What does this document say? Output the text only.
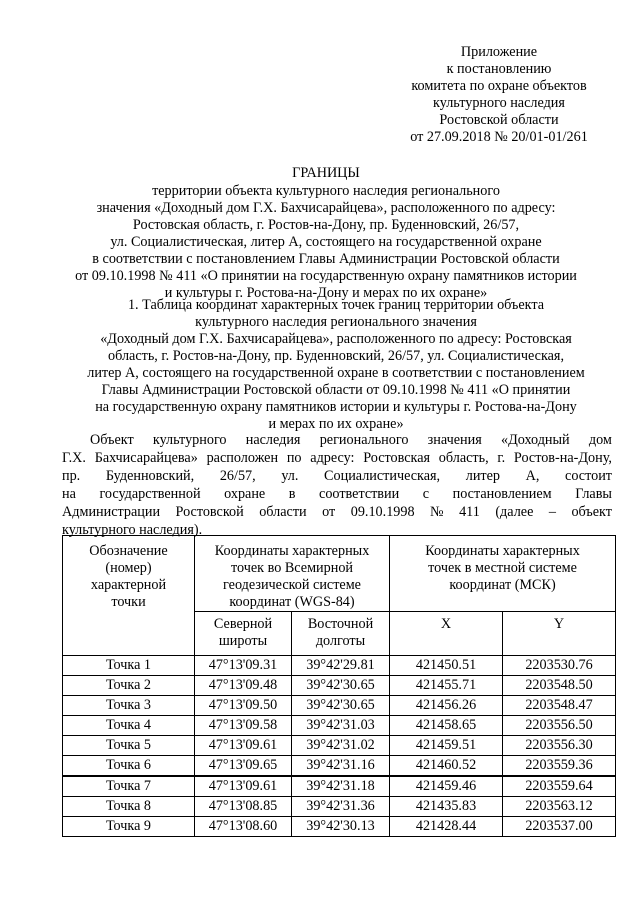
Приложение
к постановлению
комитета по охране объектов
культурного наследия
Ростовской области
от 27.09.2018 № 20/01-01/261
ГРАНИЦЫ
территории объекта культурного наследия регионального
значения «Доходный дом Г.Х. Бахчисарайцева», расположенного по адресу:
Ростовская область, г. Ростов-на-Дону, пр. Буденновский, 26/57,
ул. Социалистическая, литер А, состоящего на государственной охране
в соответствии с постановлением Главы Администрации Ростовской области
от 09.10.1998 № 411 «О принятии на государственную охрану памятников истории
и культуры г. Ростова-на-Дону и мерах по их охране»
1. Таблица координат характерных точек границ территории объекта
культурного наследия регионального значения
«Доходный дом Г.Х. Бахчисарайцева», расположенного по адресу: Ростовская
область, г. Ростов-на-Дону, пр. Буденновский, 26/57, ул. Социалистическая,
литер А, состоящего на государственной охране в соответствии с постановлением
Главы Администрации Ростовской области от 09.10.1998 № 411 «О принятии
на государственную охрану памятников истории и культуры г. Ростова-на-Дону
и мерах по их охране»
Объект культурного наследия регионального значения «Доходный дом
Г.Х. Бахчисарайцева» расположен по адресу: Ростовская область, г. Ростов-на-Дону,
пр. Буденновский, 26/57, ул. Социалистическая, литер А, состоит
на государственной охране в соответствии с постановлением Главы
Администрации Ростовской области от 09.10.1998 № 411 (далее – объект
культурного наследия).
Обозначение
(номер)
характерной
точки	Координаты характерных
точек во Всемирной
геодезической системе
координат (WGS-84)		Координаты характерных
точек в местной системе
координат (МСК)	
	Северной
широты	Восточной
долготы	X	Y
Точка 1	47°13'09.31	39°42'29.81	421450.51	2203530.76
Точка 2	47°13'09.48	39°42'30.65	421455.71	2203548.50
Точка 3	47°13'09.50	39°42'30.65	421456.26	2203548.47
Точка 4	47°13'09.58	39°42'31.03	421458.65	2203556.50
Точка 5	47°13'09.61	39°42'31.02	421459.51	2203556.30
Точка 6	47°13'09.65	39°42'31.16	421460.52	2203559.36
Точка 7	47°13'09.61	39°42'31.18	421459.46	2203559.64
Точка 8	47°13'08.85	39°42'31.36	421435.83	2203563.12
Точка 9	47°13'08.60	39°42'30.13	421428.44	2203537.00
